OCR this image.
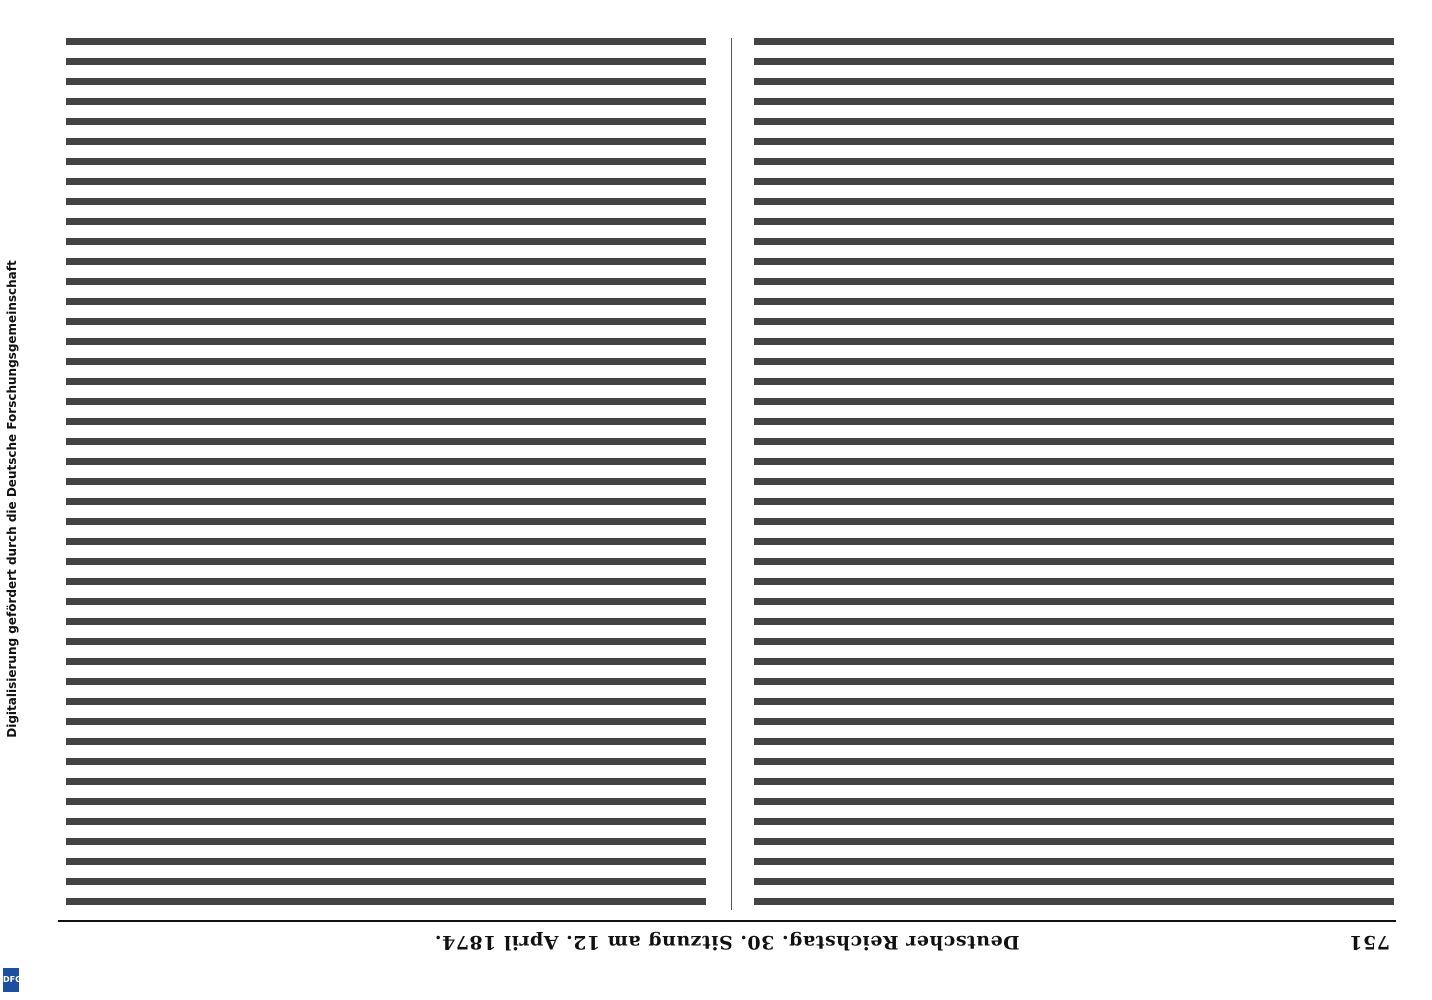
Digitalisierung gefördert durch die Deutsche Forschungsgemeinschaft
DFG
751
Deutscher Reichstag. 30. Sitzung am 12. April 1874.
